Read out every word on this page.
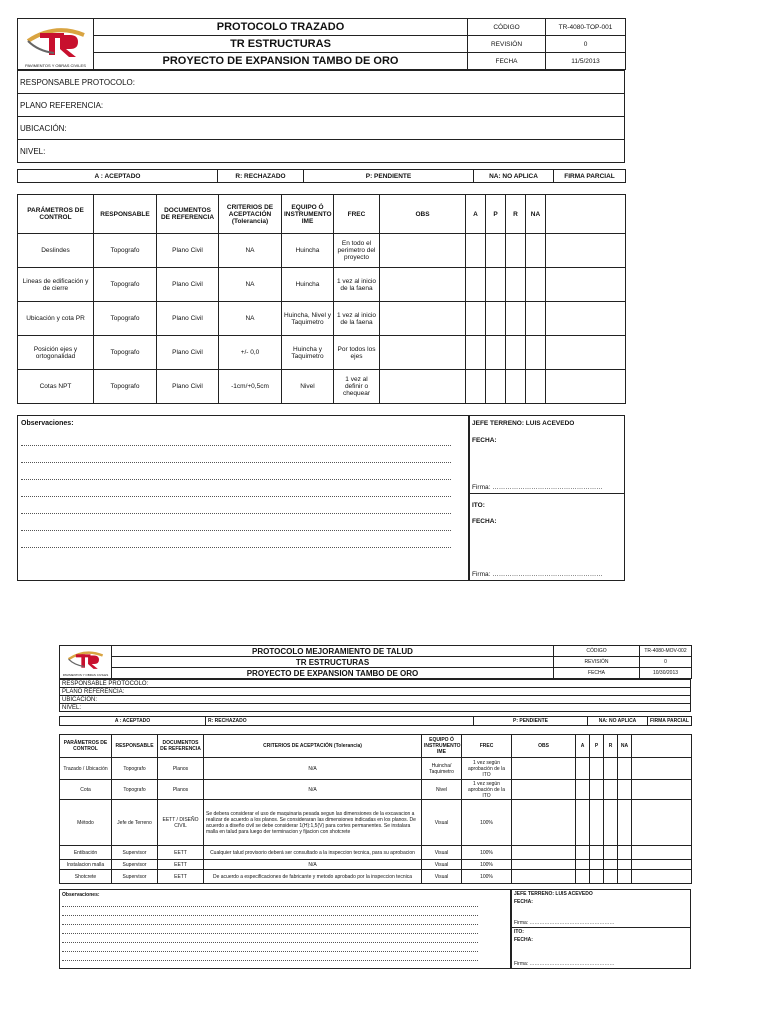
PAVIMENTOS Y OBRAS CIVILES	PROTOCOLO TRAZADO	CÓDIGO	TR-4080-TOP-001
	TR ESTRUCTURAS	REVISIÓN	0
	PROYECTO DE EXPANSION TAMBO DE ORO	FECHA	11/5/2013
RESPONSABLE PROTOCOLO:
PLANO REFERENCIA:
UBICACIÓN:
NIVEL:
A : ACEPTADO	R: RECHAZADO	P: PENDIENTE	NA: NO APLICA	FIRMA PARCIAL
PARÁMETROS DE CONTROL	RESPONSABLE	DOCUMENTOS DE REFERENCIA	CRITERIOS DE ACEPTACIÓN (Tolerancia)	EQUIPO Ó INSTRUMENTO IME	FREC	OBS	A	P	R	NA	
Deslindes	Topografo	Plano Civil	NA	Huincha	En todo el perimetro del proyecto						
Lineas de edificación y de cierre	Topografo	Plano Civil	NA	Huincha	1 vez al inicio de la faena						
Ubicación y cota PR	Topografo	Plano Civil	NA	Huincha, Nivel y Taquimetro	1 vez al inicio de la faena						
Posición ejes y ortogonalidad	Topografo	Plano Civil	+/- 0,0	Huincha y Taquimetro	Por todos los ejes						
Cotas NPT	Topografo	Plano Civil	-1cm/+0,5cm	Nivel	1 vez al definir o chequear						
Observaciones:	JEFE TERRENO: LUIS ACEVEDO
FECHA:
Firma: ……………………………………………
ITO:
FECHA:
Firma: ……………………………………………
PAVIMENTOS Y OBRAS CIVILES	PROTOCOLO MEJORAMIENTO DE TALUD	CÓDIGO	TR-4080-MOV-002
	TR ESTRUCTURAS	REVISIÓN	0
	PROYECTO DE EXPANSION TAMBO DE ORO	FECHA	10/30/2013
RESPONSABLE PROTOCOLO:
PLANO REFERENCIA:
UBICACIÓN:
NIVEL:
A : ACEPTADO	R: RECHAZADO	P: PENDIENTE	NA: NO APLICA	FIRMA PARCIAL
PARÁMETROS DE CONTROL	RESPONSABLE	DOCUMENTOS DE REFERENCIA	CRITERIOS DE ACEPTACIÓN (Tolerancia)	EQUIPO Ó INSTRUMENTO IME	FREC	OBS	A	P	R	NA	
Trazado / Ubicación	Topografo	Planos	N/A	Huincha/ Taquimetro	1 vez según aprobación de la ITO						
Cota	Topografo	Planos	N/A	Nivel	1 vez según aprobación de la ITO						
Método	Jefe de Terreno	EETT / DISEÑO CIVIL	Se debera considerar el uso de maquinaria pesada segun las dimensiones de la excavacion a realizar de acuerdo a los planos. Se consideraran las dimensiones indicadas en los planos. De acuerdo a diseño civil se debe considerar 1(H):1,5(V) para cortes permanentes. Se instalara malla en talud para luego der terminacion y fijacion con shotcrete	Visual	100%						
Entibación	Supervisor	EETT	Cualquier talud provisorio deberá ser consultado a la inspeccion tecnica, para su aprobacion	Visual	100%						
Instalacion malla	Supervisor	EETT	N/A	Visual	100%						
Shotcrete	Supervisor	EETT	De acuerdo a especificaciones de fabricante y metodo aprobado por la inspeccion tecnica	Visual	100%						
Observaciones:	JEFE TERRENO: LUIS ACEVEDO
FECHA:
Firma: ……………………………………………
ITO:
FECHA:
Firma: ……………………………………………
